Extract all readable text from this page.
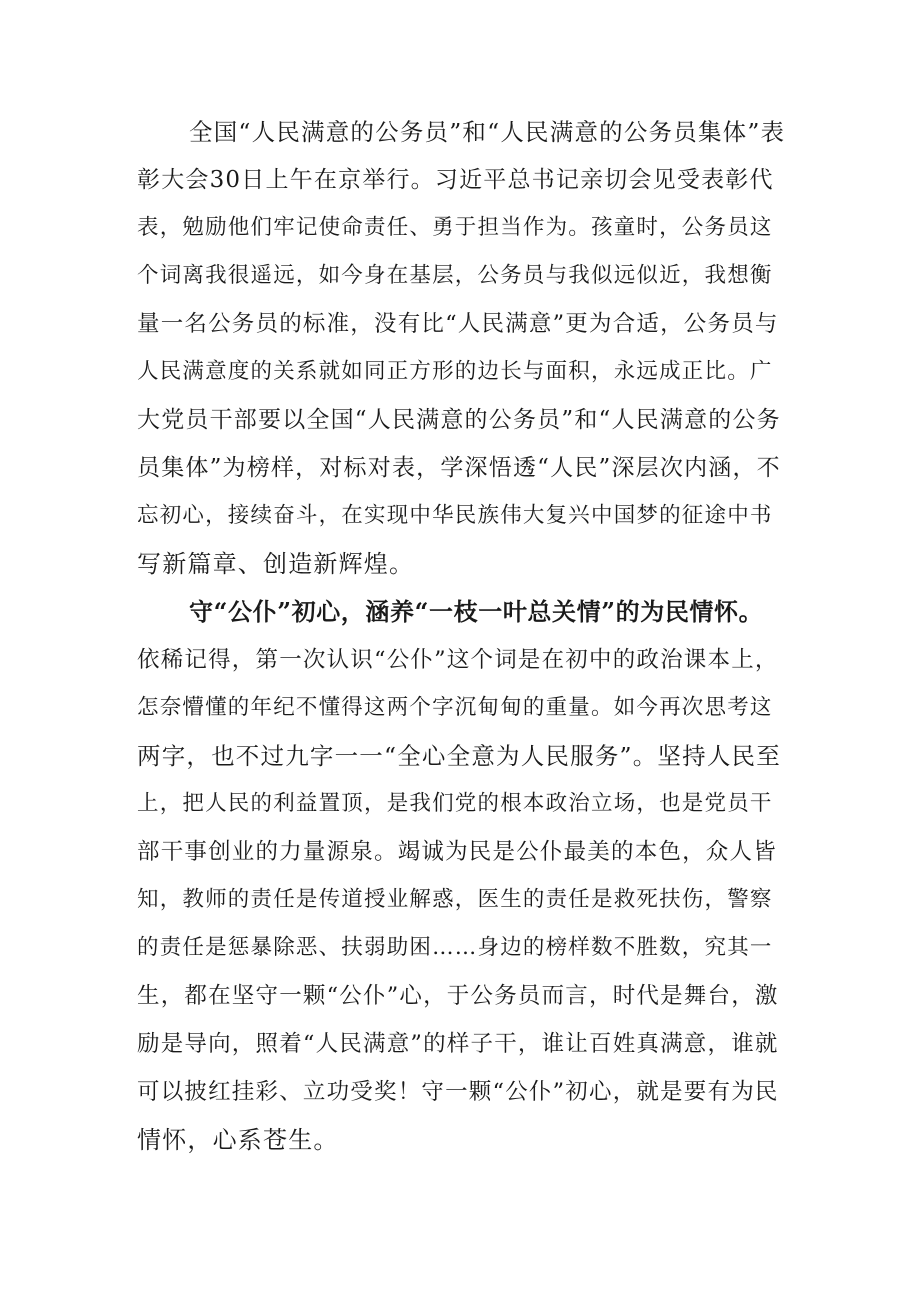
全国“人民满意的公务员”和“人民满意的公务员集体”表
彰大会30日上午在京举行。习近平总书记亲切会见受表彰代
表，勉励他们牢记使命责任、勇于担当作为。孩童时，公务员这
个词离我很遥远，如今身在基层，公务员与我似远似近，我想衡
量一名公务员的标准，没有比“人民满意”更为合适，公务员与
人民满意度的关系就如同正方形的边长与面积，永远成正比。广
大党员干部要以全国“人民满意的公务员”和“人民满意的公务
员集体”为榜样，对标对表，学深悟透“人民”深层次内涵，不
忘初心，接续奋斗，在实现中华民族伟大复兴中国梦的征途中书
写新篇章、创造新辉煌。
守“公仆”初心，涵养“一枝一叶总关情”的为民情怀。
依稀记得，第一次认识“公仆”这个词是在初中的政治课本上，
怎奈懵懂的年纪不懂得这两个字沉甸甸的重量。如今再次思考这
两字，也不过九字一一“全心全意为人民服务”。坚持人民至
上，把人民的利益置顶，是我们党的根本政治立场，也是党员干
部干事创业的力量源泉。竭诚为民是公仆最美的本色，众人皆
知，教师的责任是传道授业解惑，医生的责任是救死扶伤，警察
的责任是惩暴除恶、扶弱助困……身边的榜样数不胜数，究其一
生，都在坚守一颗“公仆”心，于公务员而言，时代是舞台，激
励是导向，照着“人民满意”的样子干，谁让百姓真满意，谁就
可以披红挂彩、立功受奖！守一颗“公仆”初心，就是要有为民
情怀，心系苍生。
